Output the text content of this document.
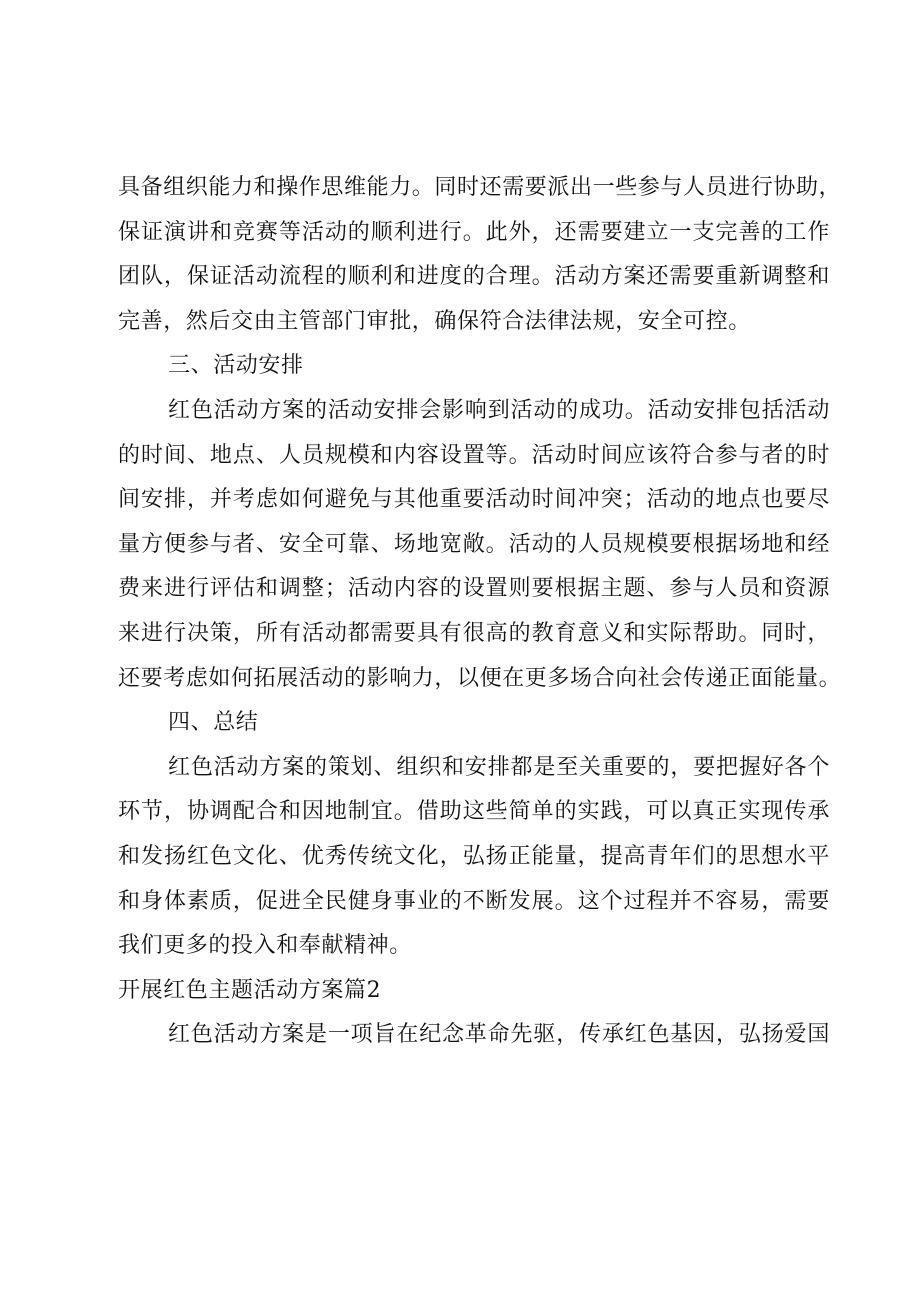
具备组织能力和操作思维能力。同时还需要派出一些参与人员进行协助，
保证演讲和竞赛等活动的顺利进行。此外，还需要建立一支完善的工作
团队，保证活动流程的顺利和进度的合理。活动方案还需要重新调整和
完善，然后交由主管部门审批，确保符合法律法规，安全可控。
三、活动安排
红色活动方案的活动安排会影响到活动的成功。活动安排包括活动
的时间、地点、人员规模和内容设置等。活动时间应该符合参与者的时
间安排，并考虑如何避免与其他重要活动时间冲突；活动的地点也要尽
量方便参与者、安全可靠、场地宽敞。活动的人员规模要根据场地和经
费来进行评估和调整；活动内容的设置则要根据主题、参与人员和资源
来进行决策，所有活动都需要具有很高的教育意义和实际帮助。同时，
还要考虑如何拓展活动的影响力，以便在更多场合向社会传递正面能量。
四、总结
红色活动方案的策划、组织和安排都是至关重要的，要把握好各个
环节，协调配合和因地制宜。借助这些简单的实践，可以真正实现传承
和发扬红色文化、优秀传统文化，弘扬正能量，提高青年们的思想水平
和身体素质，促进全民健身事业的不断发展。这个过程并不容易，需要
我们更多的投入和奉献精神。
开展红色主题活动方案篇2
红色活动方案是一项旨在纪念革命先驱，传承红色基因，弘扬爱国
